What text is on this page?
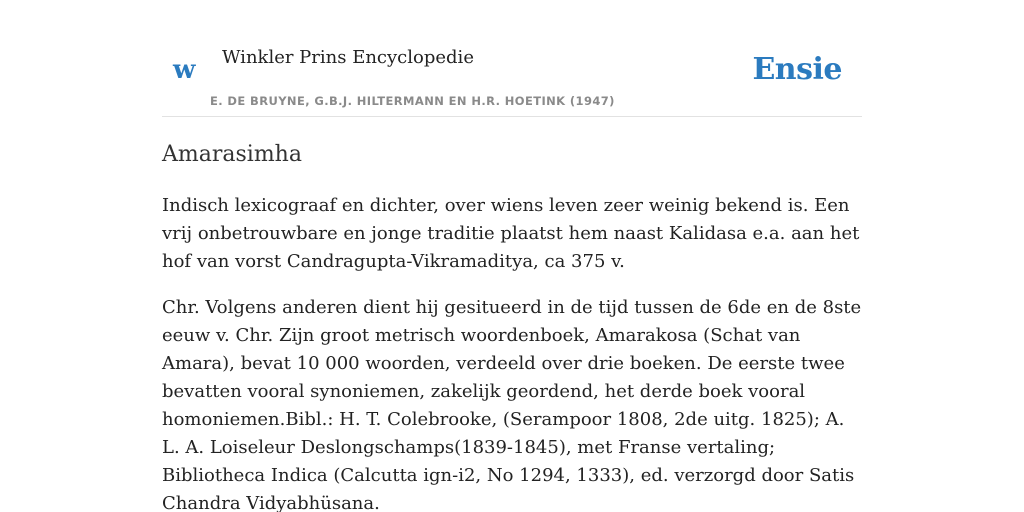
w Winkler Prins Encyclopedie
E. DE BRUYNE, G.B.J. HILTERMANN EN H.R. HOETINK (1947)
Ensie
Amarasimha

Indisch lexicograaf en dichter, over wiens leven zeer weinig bekend is. Een vrij onbetrouwbare en jonge traditie plaatst hem naast Kalidasa e.a. aan het hof van vorst Candragupta-Vikramaditya, ca 375 v.

Chr. Volgens anderen dient hij gesitueerd in de tijd tussen de 6de en de 8ste eeuw v. Chr. Zijn groot metrisch woordenboek, Amarakosa (Schat van Amara), bevat 10 000 woorden, verdeeld over drie boeken. De eerste twee bevatten vooral synoniemen, zakelijk geordend, het derde boek vooral homoniemen.Bibl.: H. T. Colebrooke, (Serampoor 1808, 2de uitg. 1825); A. L. A. Loiseleur Deslongschamps(1839-1845), met Franse vertaling; Bibliotheca Indica (Calcutta ign-i2, No 1294, 1333), ed. verzorgd door Satis Chandra Vidyabhüsana.
